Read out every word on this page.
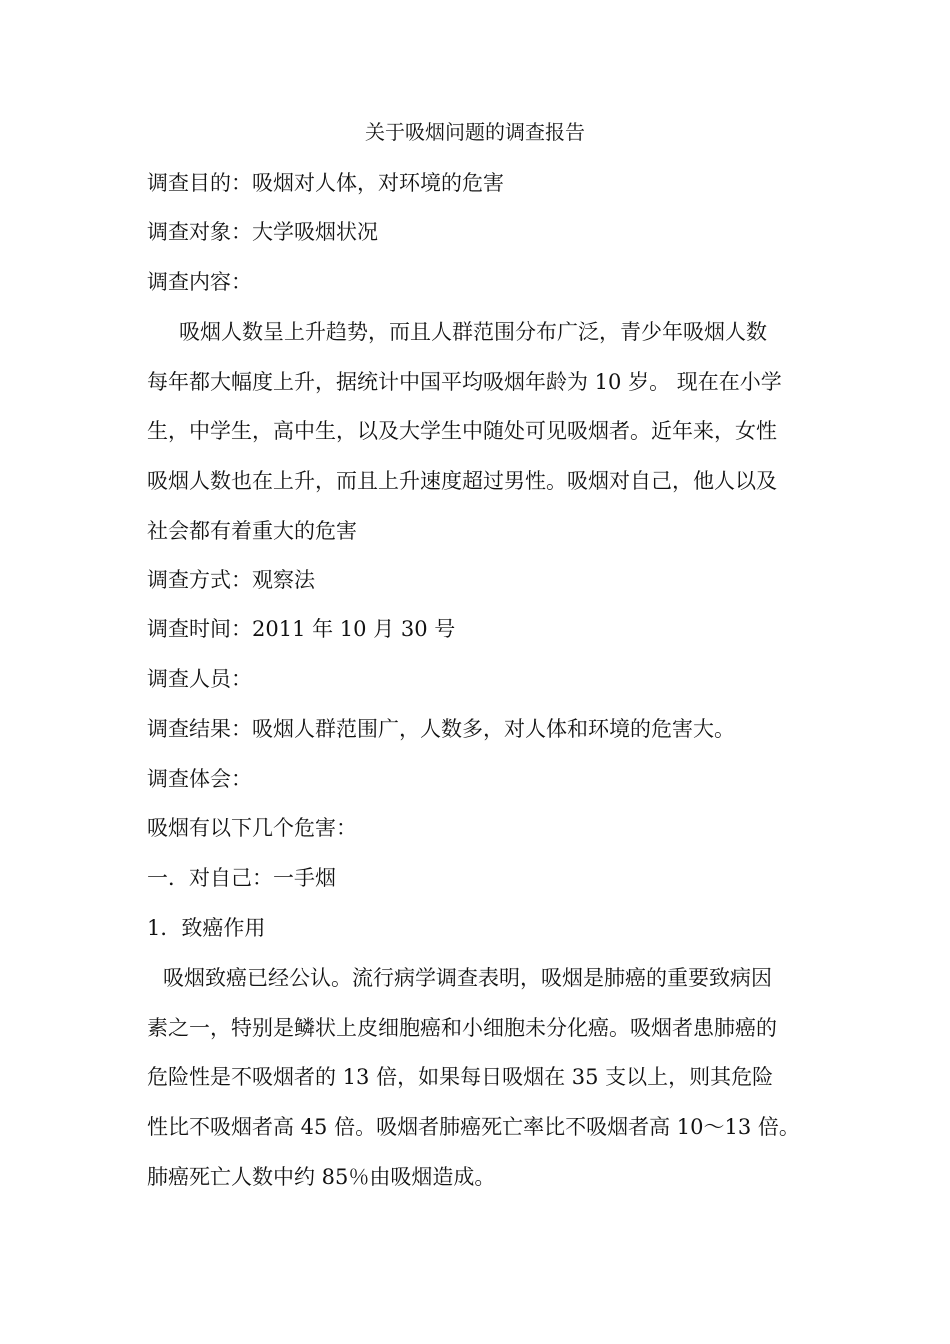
关于吸烟问题的调查报告
调查目的：吸烟对人体，对环境的危害
调查对象：大学吸烟状况
调查内容：
吸烟人数呈上升趋势，而且人群范围分布广泛，青少年吸烟人数
每年都大幅度上升，据统计中国平均吸烟年龄为 10 岁。 现在在小学
生，中学生，高中生，以及大学生中随处可见吸烟者。近年来，女性
吸烟人数也在上升，而且上升速度超过男性。吸烟对自己，他人以及
社会都有着重大的危害
调查方式：观察法
调查时间：2011 年 10 月 30 号
调查人员：
调查结果：吸烟人群范围广，人数多，对人体和环境的危害大。
调查体会：
吸烟有以下几个危害：
一．对自己：一手烟
1．致癌作用
吸烟致癌已经公认。流行病学调查表明，吸烟是肺癌的重要致病因
素之一，特别是鳞状上皮细胞癌和小细胞未分化癌。吸烟者患肺癌的
危险性是不吸烟者的 13 倍，如果每日吸烟在 35 支以上，则其危险
性比不吸烟者高 45 倍。吸烟者肺癌死亡率比不吸烟者高 10～13 倍。
肺癌死亡人数中约 85％由吸烟造成。
